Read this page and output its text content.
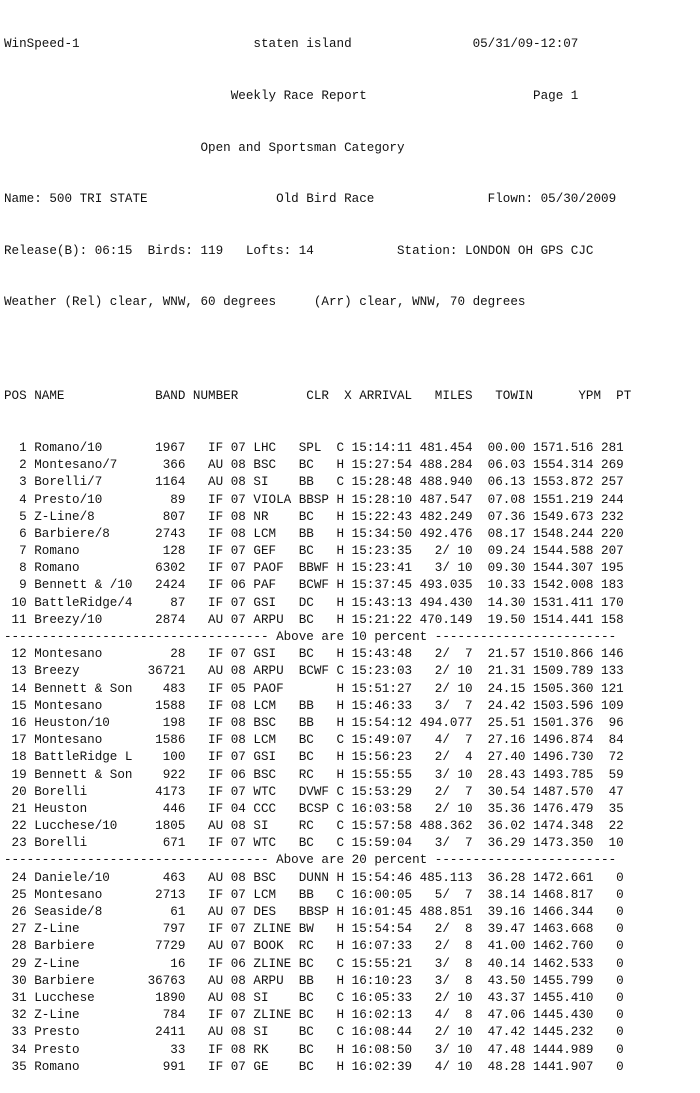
WinSpeed-1                       staten island                05/31/09-12:07

Weekly Race Report                      Page 1

Open and Sportsman Category

Name: 500 TRI STATE                 Old Bird Race               Flown: 05/30/2009

Release(B): 06:15  Birds: 119   Lofts: 14           Station: LONDON OH GPS CJC

Weather (Rel) clear, WNW, 60 degrees     (Arr) clear, WNW, 70 degrees

POS NAME            BAND NUMBER         CLR  X ARRIVAL   MILES   TOWIN      YPM  PT

1 Romano/10       1967   IF 07 LHC   SPL  C 15:14:11 481.454  00.00 1571.516 281
2 Montesano/7      366   AU 08 BSC   BC   H 15:27:54 488.284  06.03 1554.314 269
3 Borelli/7       1164   AU 08 SI    BB   C 15:28:48 488.940  06.13 1553.872 257
4 Presto/10         89   IF 07 VIOLA BBSP H 15:28:10 487.547  07.08 1551.219 244
5 Z-Line/8         807   IF 08 NR    BC   H 15:22:43 482.249  07.36 1549.673 232
6 Barbiere/8      2743   IF 08 LCM   BB   H 15:34:50 492.476  08.17 1548.244 220
7 Romano           128   IF 07 GEF   BC   H 15:23:35   2/ 10  09.24 1544.588 207
8 Romano          6302   IF 07 PAOF  BBWF H 15:23:41   3/ 10  09.30 1544.307 195
9 Bennett & /10   2424   IF 06 PAF   BCWF H 15:37:45 493.035  10.33 1542.008 183
10 BattleRidge/4     87   IF 07 GSI   DC   H 15:43:13 494.430  14.30 1531.411 170
11 Breezy/10       2874   AU 07 ARPU  BC   H 15:21:22 470.149  19.50 1514.441 158
----------------------------------- Above are 10 percent ------------------------
12 Montesano         28   IF 07 GSI   BC   H 15:43:48   2/  7  21.57 1510.866 146
13 Breezy         36721   AU 08 ARPU  BCWF C 15:23:03   2/ 10  21.31 1509.789 133
14 Bennett & Son    483   IF 05 PAOF       H 15:51:27   2/ 10  24.15 1505.360 121
15 Montesano       1588   IF 08 LCM   BB   H 15:46:33   3/  7  24.42 1503.596 109
16 Heuston/10       198   IF 08 BSC   BB   H 15:54:12 494.077  25.51 1501.376  96
17 Montesano       1586   IF 08 LCM   BC   C 15:49:07   4/  7  27.16 1496.874  84
18 BattleRidge L    100   IF 07 GSI   BC   H 15:56:23   2/  4  27.40 1496.730  72
19 Bennett & Son    922   IF 06 BSC   RC   H 15:55:55   3/ 10  28.43 1493.785  59
20 Borelli         4173   IF 07 WTC   DVWF C 15:53:29   2/  7  30.54 1487.570  47
21 Heuston          446   IF 04 CCC   BCSP C 16:03:58   2/ 10  35.36 1476.479  35
22 Lucchese/10     1805   AU 08 SI    RC   C 15:57:58 488.362  36.02 1474.348  22
23 Borelli          671   IF 07 WTC   BC   C 15:59:04   3/  7  36.29 1473.350  10
----------------------------------- Above are 20 percent ------------------------
24 Daniele/10       463   AU 08 BSC   DUNN H 15:54:46 485.113  36.28 1472.661   0
25 Montesano       2713   IF 07 LCM   BB   C 16:00:05   5/  7  38.14 1468.817   0
26 Seaside/8         61   AU 07 DES   BBSP H 16:01:45 488.851  39.16 1466.344   0
27 Z-Line           797   IF 07 ZLINE BW   H 15:54:54   2/  8  39.47 1463.668   0
28 Barbiere        7729   AU 07 BOOK  RC   H 16:07:33   2/  8  41.00 1462.760   0
29 Z-Line            16   IF 06 ZLINE BC   C 15:55:21   3/  8  40.14 1462.533   0
30 Barbiere       36763   AU 08 ARPU  BB   H 16:10:23   3/  8  43.50 1455.799   0
31 Lucchese        1890   AU 08 SI    BC   C 16:05:33   2/ 10  43.37 1455.410   0
32 Z-Line           784   IF 07 ZLINE BC   H 16:02:13   4/  8  47.06 1445.430   0
33 Presto          2411   AU 08 SI    BC   C 16:08:44   2/ 10  47.42 1445.232   0
34 Presto            33   IF 08 RK    BC   H 16:08:50   3/ 10  47.48 1444.989   0
35 Romano           991   IF 07 GE    BC   H 16:02:39   4/ 10  48.28 1441.907   0
